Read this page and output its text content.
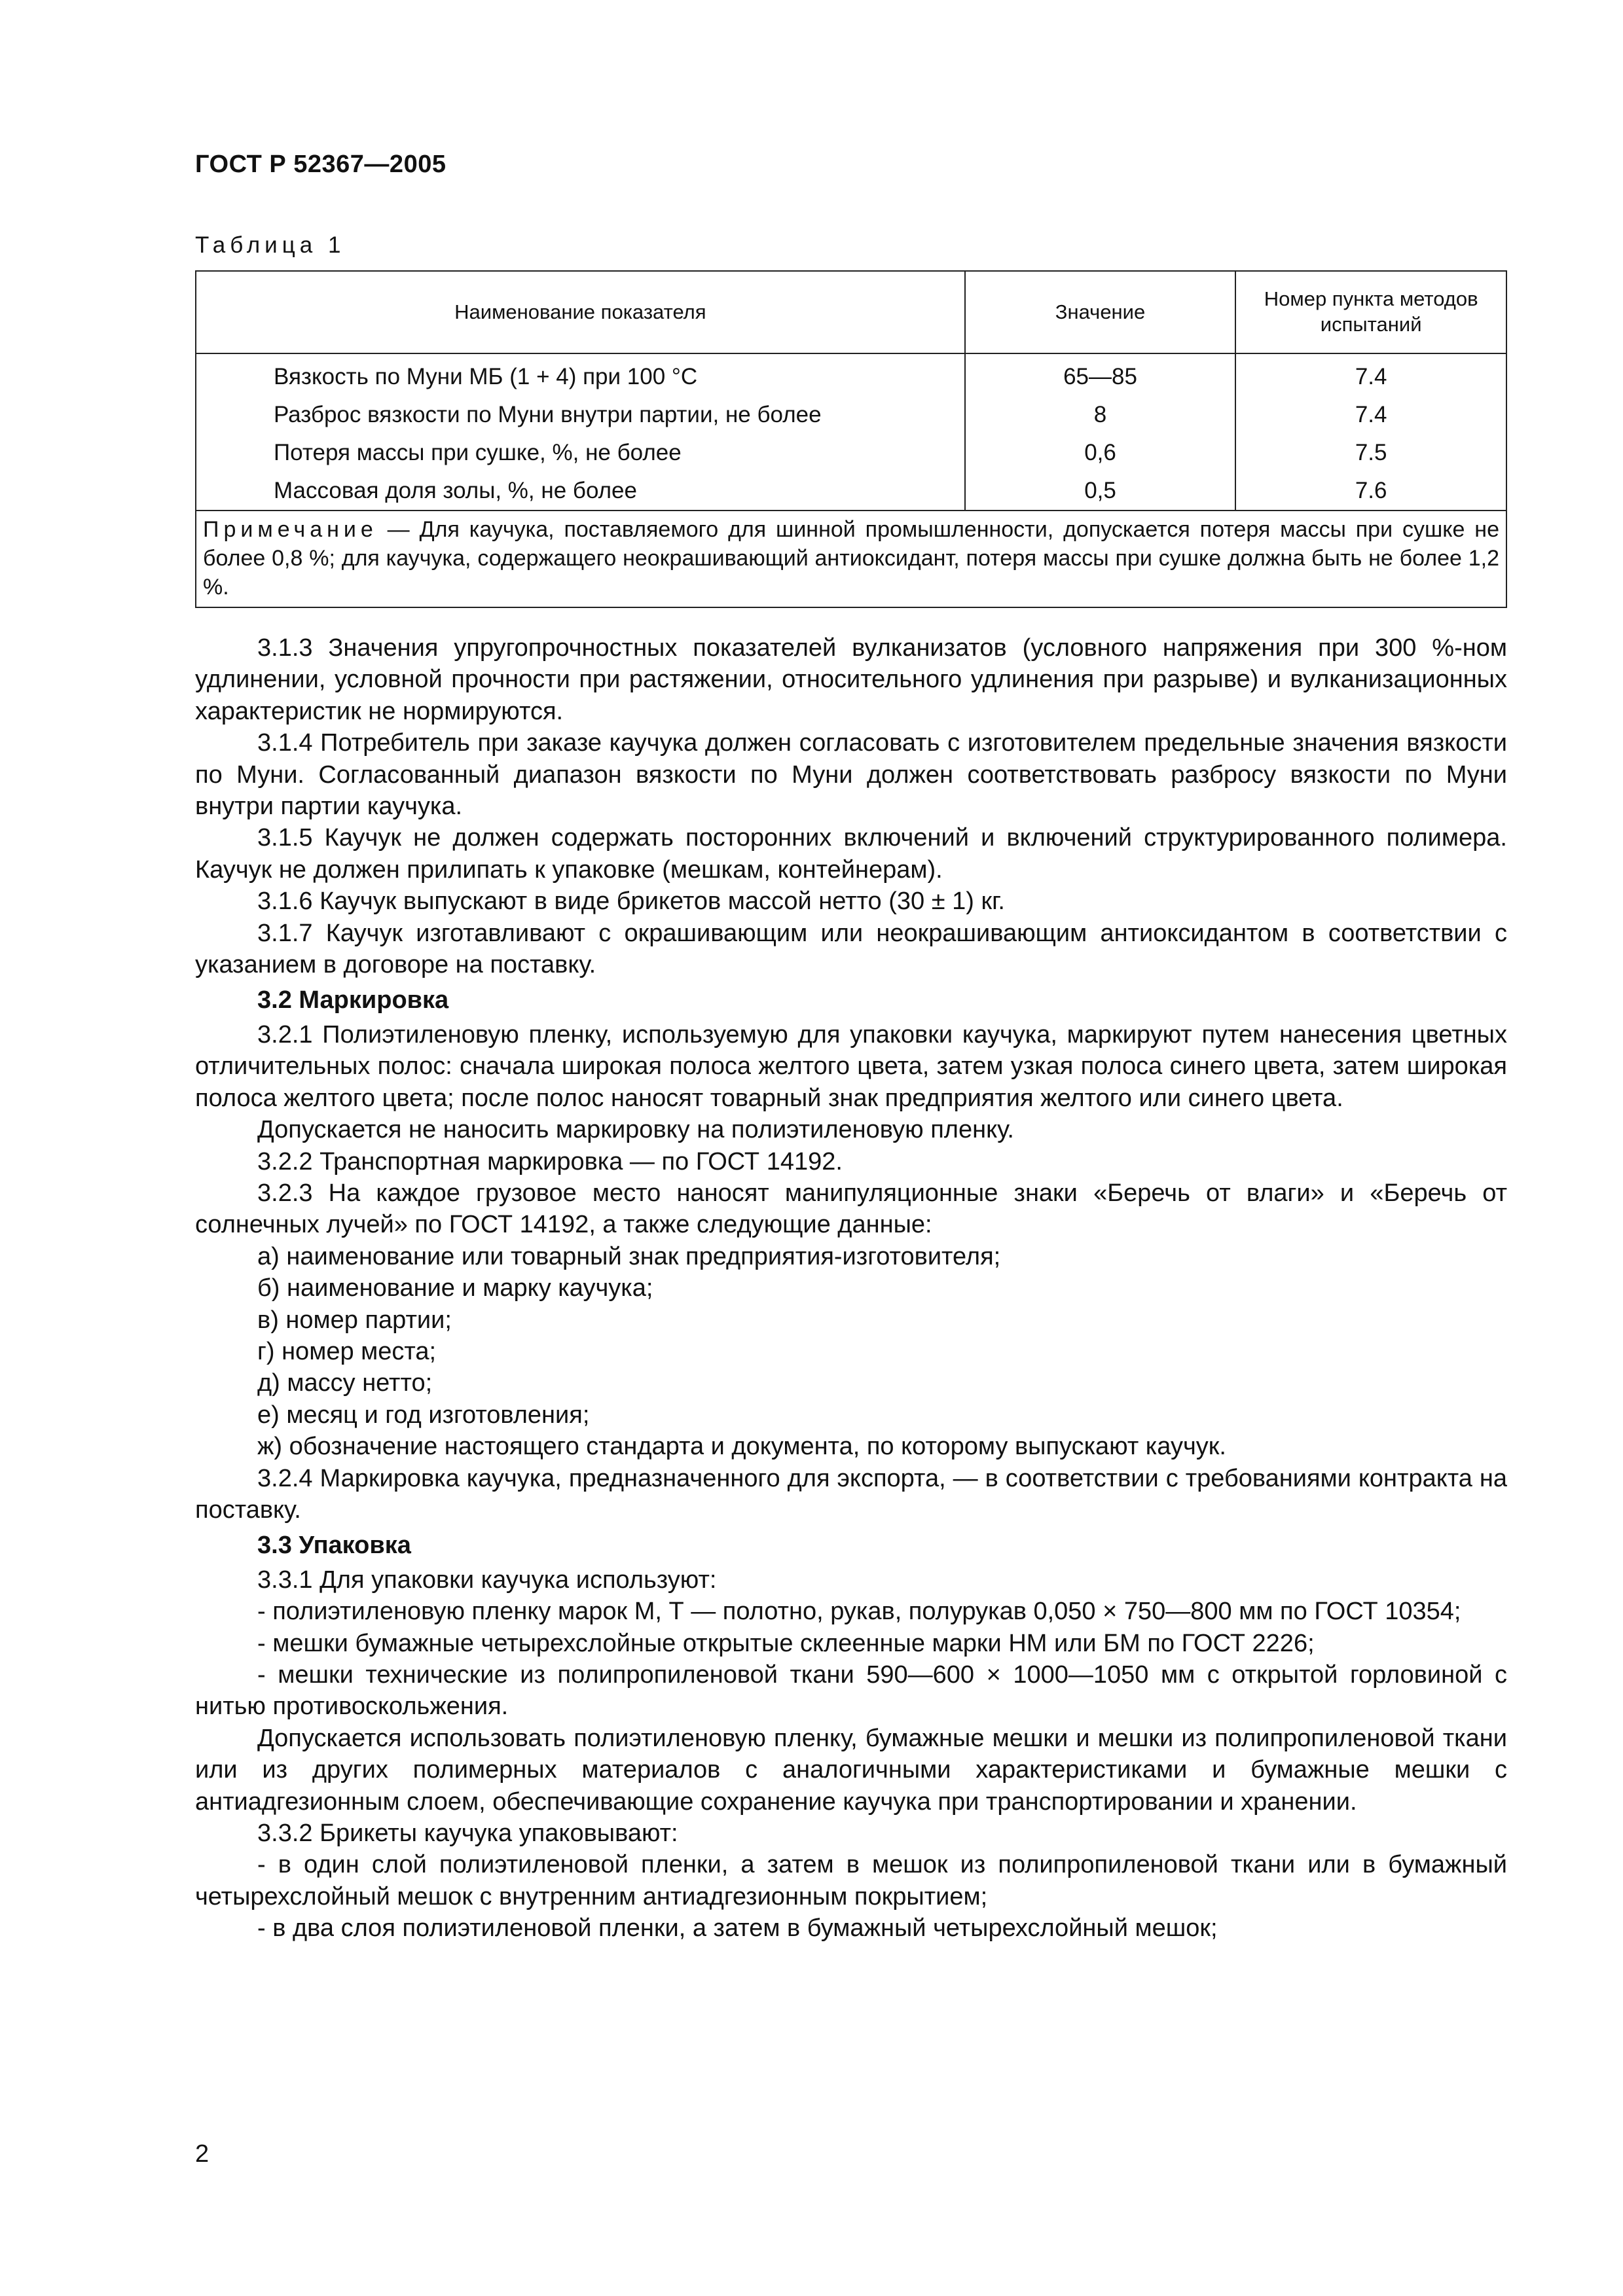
ГОСТ Р 52367—2005
Таблица 1
Наименование показателя	Значение	Номер пункта методов испытаний
Вязкость по Муни МБ (1 + 4) при 100 °С	65—85	7.4
Разброс вязкости по Муни внутри партии, не более	8	7.4
Потеря массы при сушке, %, не более	0,6	7.5
Массовая доля золы, %, не более	0,5	7.6
Примечание — Для каучука, поставляемого для шинной промышленности, допускается потеря массы при сушке не более 0,8 %; для каучука, содержащего неокрашивающий антиоксидант, потеря массы при сушке должна быть не более 1,2 %.		

3.1.3 Значения упругопрочностных показателей вулканизатов (условного напряжения при 300 %-ном удлинении, условной прочности при растяжении, относительного удлинения при разрыве) и вулканизационных характеристик не нормируются.

3.1.4 Потребитель при заказе каучука должен согласовать с изготовителем предельные значения вязкости по Муни. Согласованный диапазон вязкости по Муни должен соответствовать разбросу вязкости по Муни внутри партии каучука.

3.1.5 Каучук не должен содержать посторонних включений и включений структурированного полимера. Каучук не должен прилипать к упаковке (мешкам, контейнерам).

3.1.6 Каучук выпускают в виде брикетов массой нетто (30 ± 1) кг.

3.1.7 Каучук изготавливают с окрашивающим или неокрашивающим антиоксидантом в соответствии с указанием в договоре на поставку.

3.2 Маркировка

3.2.1 Полиэтиленовую пленку, используемую для упаковки каучука, маркируют путем нанесения цветных отличительных полос: сначала широкая полоса желтого цвета, затем узкая полоса синего цвета, затем широкая полоса желтого цвета; после полос наносят товарный знак предприятия желтого или синего цвета.

Допускается не наносить маркировку на полиэтиленовую пленку.

3.2.2 Транспортная маркировка — по ГОСТ 14192.

3.2.3 На каждое грузовое место наносят манипуляционные знаки «Беречь от влаги» и «Беречь от солнечных лучей» по ГОСТ 14192, а также следующие данные:

а) наименование или товарный знак предприятия-изготовителя;

б) наименование и марку каучука;

в) номер партии;

г) номер места;

д) массу нетто;

е) месяц и год изготовления;

ж) обозначение настоящего стандарта и документа, по которому выпускают каучук.

3.2.4 Маркировка каучука, предназначенного для экспорта, — в соответствии с требованиями контракта на поставку.

3.3 Упаковка

3.3.1 Для упаковки каучука используют:

- полиэтиленовую пленку марок М, Т — полотно, рукав, полурукав 0,050 × 750—800 мм по ГОСТ 10354;

- мешки бумажные четырехслойные открытые склеенные марки НМ или БМ по ГОСТ 2226;

- мешки технические из полипропиленовой ткани 590—600 × 1000—1050 мм с открытой горловиной с нитью противоскольжения.

Допускается использовать полиэтиленовую пленку, бумажные мешки и мешки из полипропиленовой ткани или из других полимерных материалов с аналогичными характеристиками и бумажные мешки с антиадгезионным слоем, обеспечивающие сохранение каучука при транспортировании и хранении.

3.3.2 Брикеты каучука упаковывают:

- в один слой полиэтиленовой пленки, а затем в мешок из полипропиленовой ткани или в бумажный четырехслойный мешок с внутренним антиадгезионным покрытием;

- в два слоя полиэтиленовой пленки, а затем в бумажный четырехслойный мешок;

2
